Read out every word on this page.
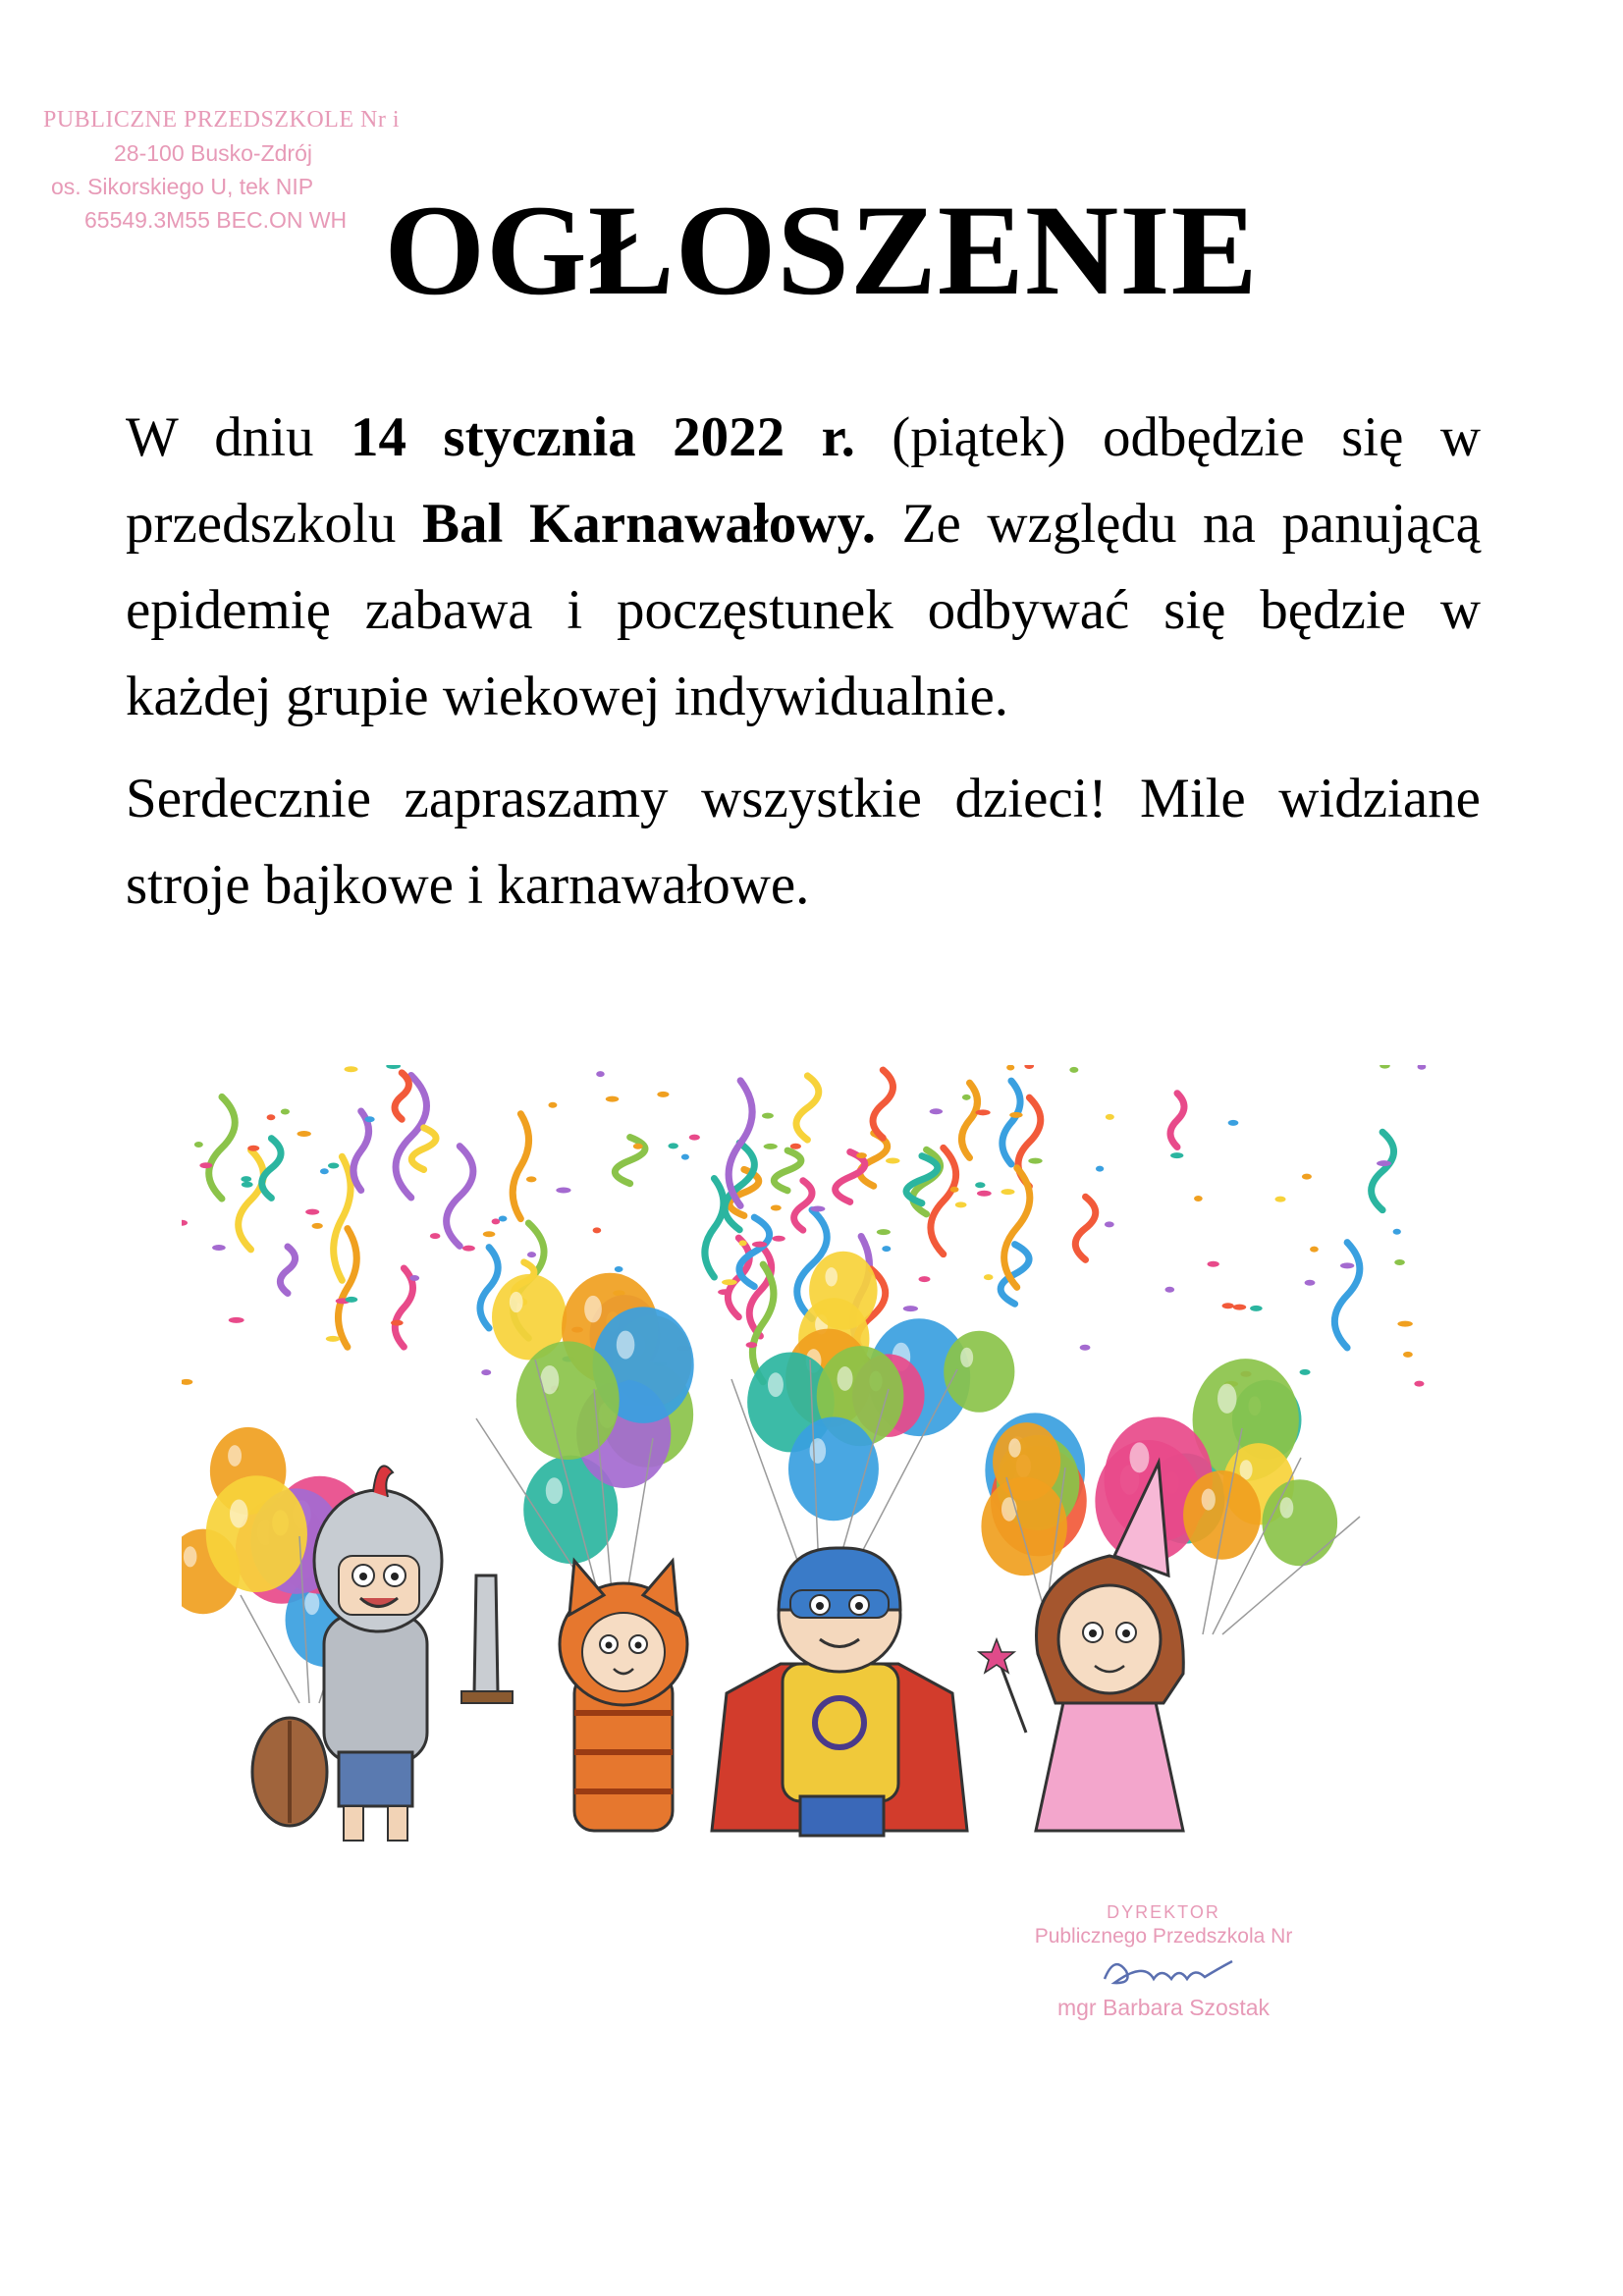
PUBLICZNE PRZEDSZKOLE Nr i
28-100 Busko-Zdrój
os. Sikorskiego U, tek NIP
65549.3M55 BEC.ON WH OGŁOSZENIE

W dniu 14 stycznia 2022 r. (piątek) odbędzie się w przedszkolu Bal Karnawałowy. Ze względu na panującą epidemię zabawa i poczęstunek odbywać się będzie w każdej grupie wiekowej indywidualnie.

Serdecznie zapraszamy wszystkie dzieci! Mile widziane stroje bajkowe i karnawałowe.

DYREKTOR
Publicznego Przedszkola Nr
mgr Barbara Szostak
